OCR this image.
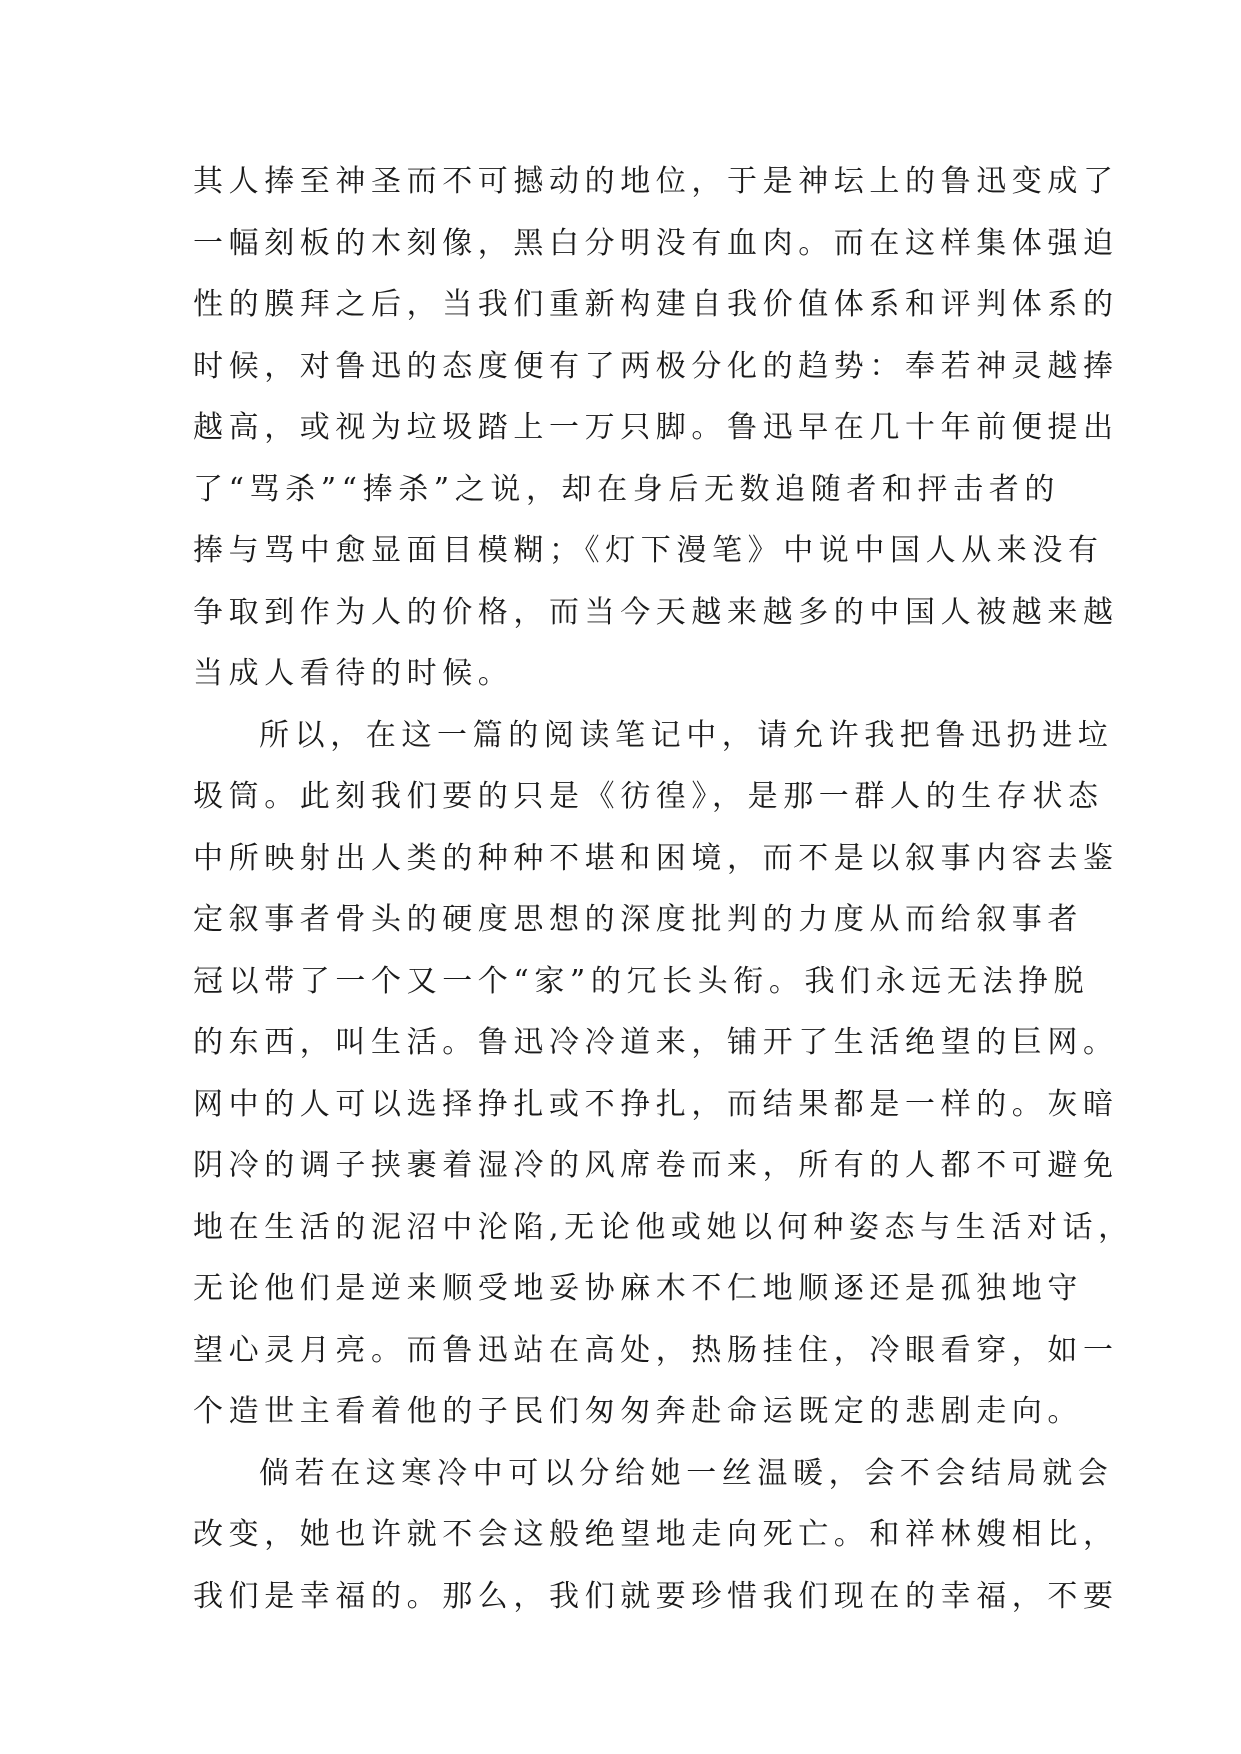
其人捧至神圣而不可撼动的地位，于是神坛上的鲁迅变成了
一幅刻板的木刻像，黑白分明没有血肉。而在这样集体强迫
性的膜拜之后，当我们重新构建自我价值体系和评判体系的
时候，对鲁迅的态度便有了两极分化的趋势：奉若神灵越捧
越高，或视为垃圾踏上一万只脚。鲁迅早在几十年前便提出
了“骂杀”“捧杀”之说，却在身后无数追随者和抨击者的
捧与骂中愈显面目模糊；《灯下漫笔》中说中国人从来没有
争取到作为人的价格，而当今天越来越多的中国人被越来越
当成人看待的时候。
所以，在这一篇的阅读笔记中，请允许我把鲁迅扔进垃
圾筒。此刻我们要的只是《彷徨》，是那一群人的生存状态
中所映射出人类的种种不堪和困境，而不是以叙事内容去鉴
定叙事者骨头的硬度思想的深度批判的力度从而给叙事者
冠以带了一个又一个“家”的冗长头衔。我们永远无法挣脱
的东西，叫生活。鲁迅冷冷道来，铺开了生活绝望的巨网。
网中的人可以选择挣扎或不挣扎，而结果都是一样的。灰暗
阴冷的调子挟裹着湿冷的风席卷而来，所有的人都不可避免
地在生活的泥沼中沦陷,无论他或她以何种姿态与生活对话，
无论他们是逆来顺受地妥协麻木不仁地顺逐还是孤独地守
望心灵月亮。而鲁迅站在高处，热肠挂住，冷眼看穿，如一
个造世主看着他的子民们匆匆奔赴命运既定的悲剧走向。
倘若在这寒冷中可以分给她一丝温暖，会不会结局就会
改变，她也许就不会这般绝望地走向死亡。和祥林嫂相比，
我们是幸福的。那么，我们就要珍惜我们现在的幸福，不要
